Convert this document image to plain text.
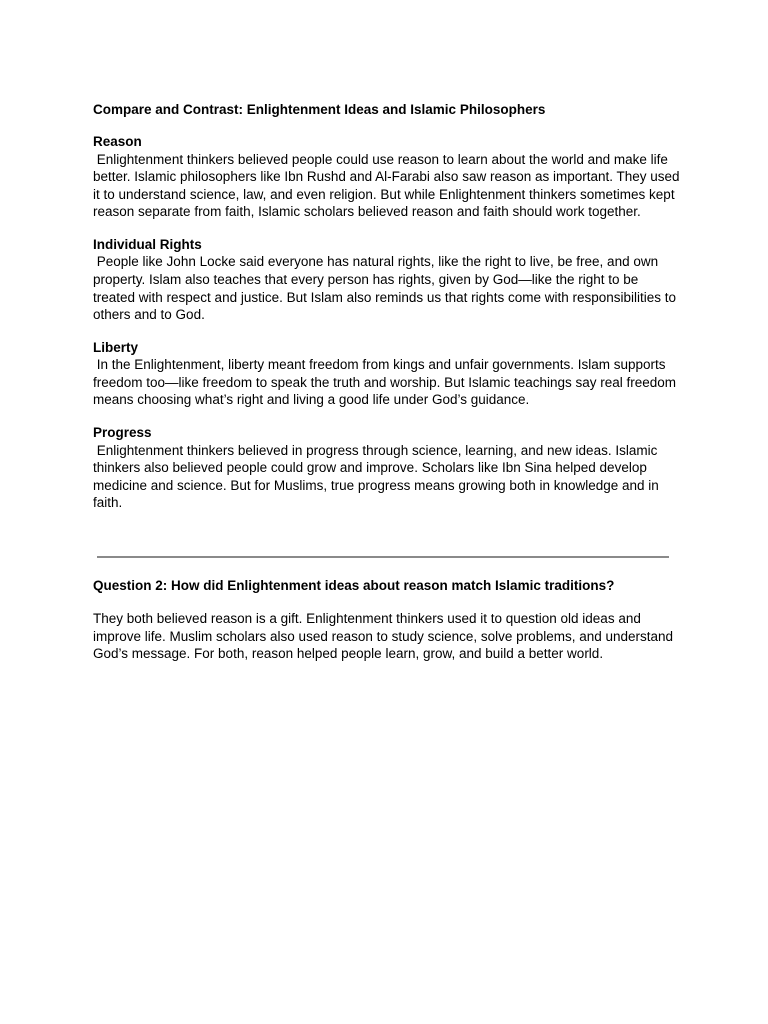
Compare and Contrast: Enlightenment Ideas and Islamic Philosophers

Reason

Enlightenment thinkers believed people could use reason to learn about the world and make life better. Islamic philosophers like Ibn Rushd and Al-Farabi also saw reason as important. They used it to understand science, law, and even religion. But while Enlightenment thinkers sometimes kept reason separate from faith, Islamic scholars believed reason and faith should work together.

Individual Rights

People like John Locke said everyone has natural rights, like the right to live, be free, and own property. Islam also teaches that every person has rights, given by God—like the right to be treated with respect and justice. But Islam also reminds us that rights come with responsibilities to others and to God.

Liberty

In the Enlightenment, liberty meant freedom from kings and unfair governments. Islam supports freedom too—like freedom to speak the truth and worship. But Islamic teachings say real freedom means choosing what’s right and living a good life under God’s guidance.

Progress

Enlightenment thinkers believed in progress through science, learning, and new ideas. Islamic thinkers also believed people could grow and improve. Scholars like Ibn Sina helped develop medicine and science. But for Muslims, true progress means growing both in knowledge and in faith.

Question 2: How did Enlightenment ideas about reason match Islamic traditions?

They both believed reason is a gift. Enlightenment thinkers used it to question old ideas and improve life. Muslim scholars also used reason to study science, solve problems, and understand God’s message. For both, reason helped people learn, grow, and build a better world.
